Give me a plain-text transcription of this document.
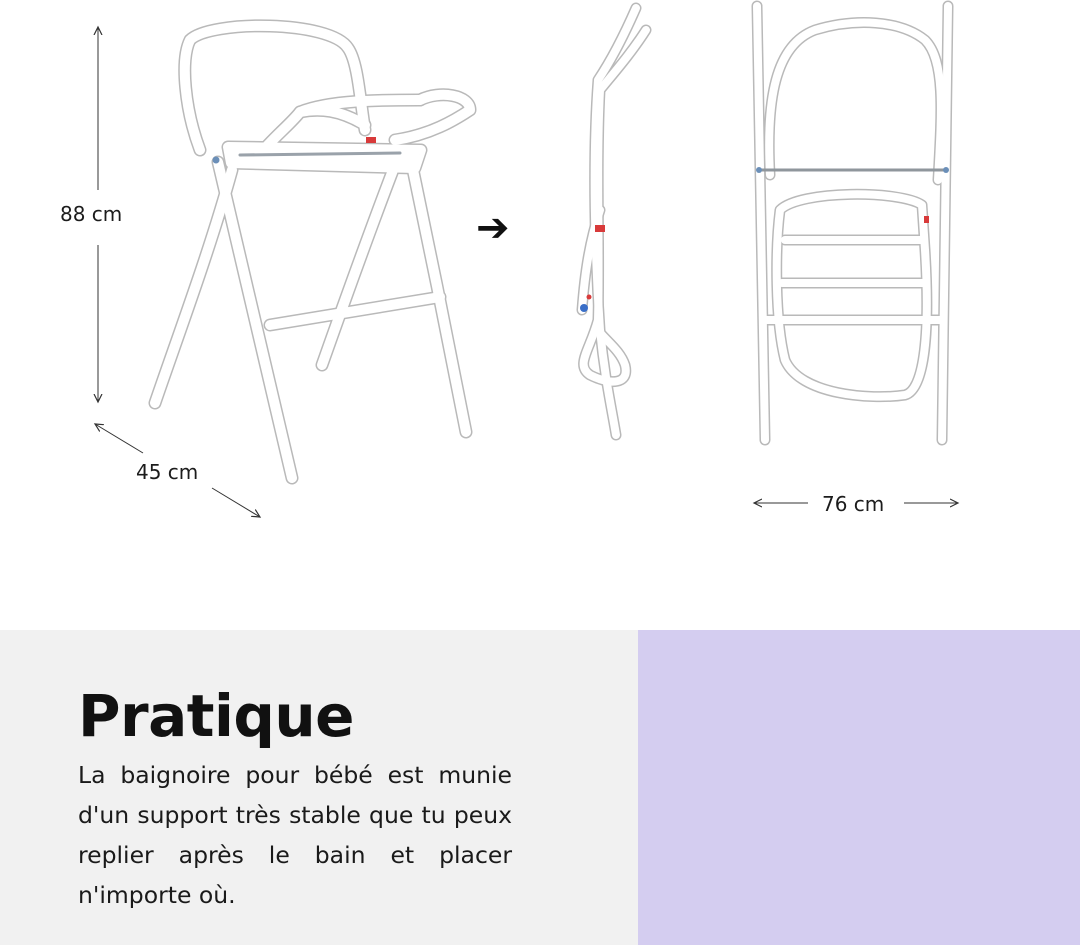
88 cm
45 cm
76 cm
➔
Pratique

La baignoire pour bébé est munie d'un support très stable que tu peux replier après le bain et placer n'importe où.
